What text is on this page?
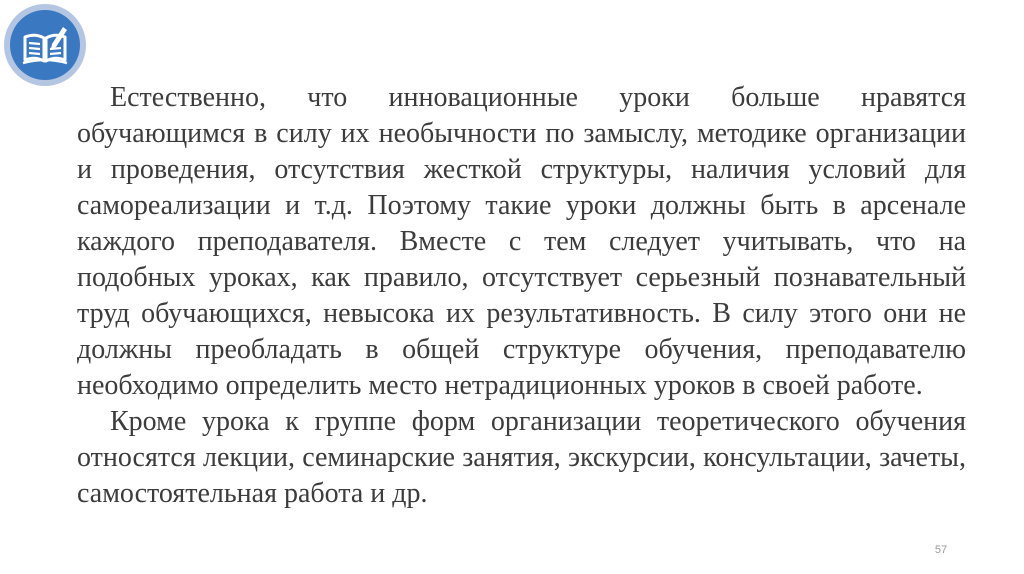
Естественно, что инновационные уроки больше нравятся обучающимся в силу их необычности по замыслу, методике организации и проведения, отсутствия жесткой структуры, наличия условий для самореализации и т.д. Поэтому такие уроки должны быть в арсенале каждого преподавателя. Вместе с тем следует учитывать, что на подобных уроках, как правило, отсутствует серьезный познавательный труд обучающихся, невысока их результативность. В силу этого они не должны преобладать в общей структуре обучения, преподавателю необходимо определить место нетрадиционных уроков в своей работе.

Кроме урока к группе форм организации теоретического обучения относятся лекции, семинарские занятия, экскурсии, консультации, зачеты, самостоятельная работа и др.

57
